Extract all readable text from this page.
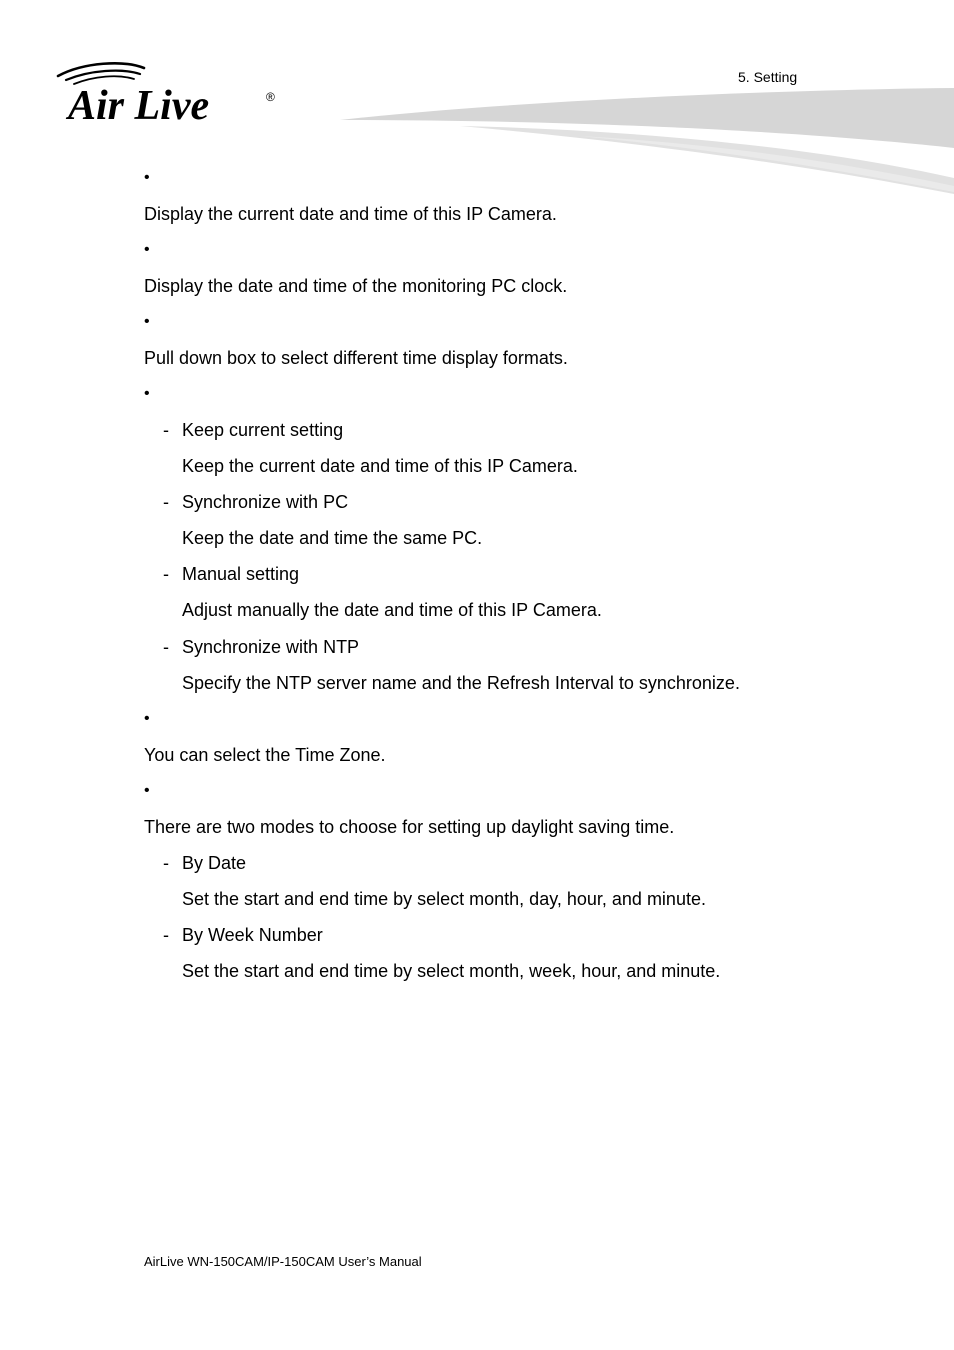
Air Live	®
5. Setting
•
Display the current date and time of this IP Camera.
•
Display the date and time of the monitoring PC clock.
•
Pull down box to select different time display formats.
•
- Keep current setting
Keep the current date and time of this IP Camera.
- Synchronize with PC
Keep the date and time the same PC.
- Manual setting
Adjust manually the date and time of this IP Camera.
- Synchronize with NTP
Specify the NTP server name and the Refresh Interval to synchronize.
•
You can select the Time Zone.
•
There are two modes to choose for setting up daylight saving time.
- By Date
Set the start and end time by select month, day, hour, and minute.
- By Week Number
Set the start and end time by select month, week, hour, and minute.
AirLive WN-150CAM/IP-150CAM User’s Manual
